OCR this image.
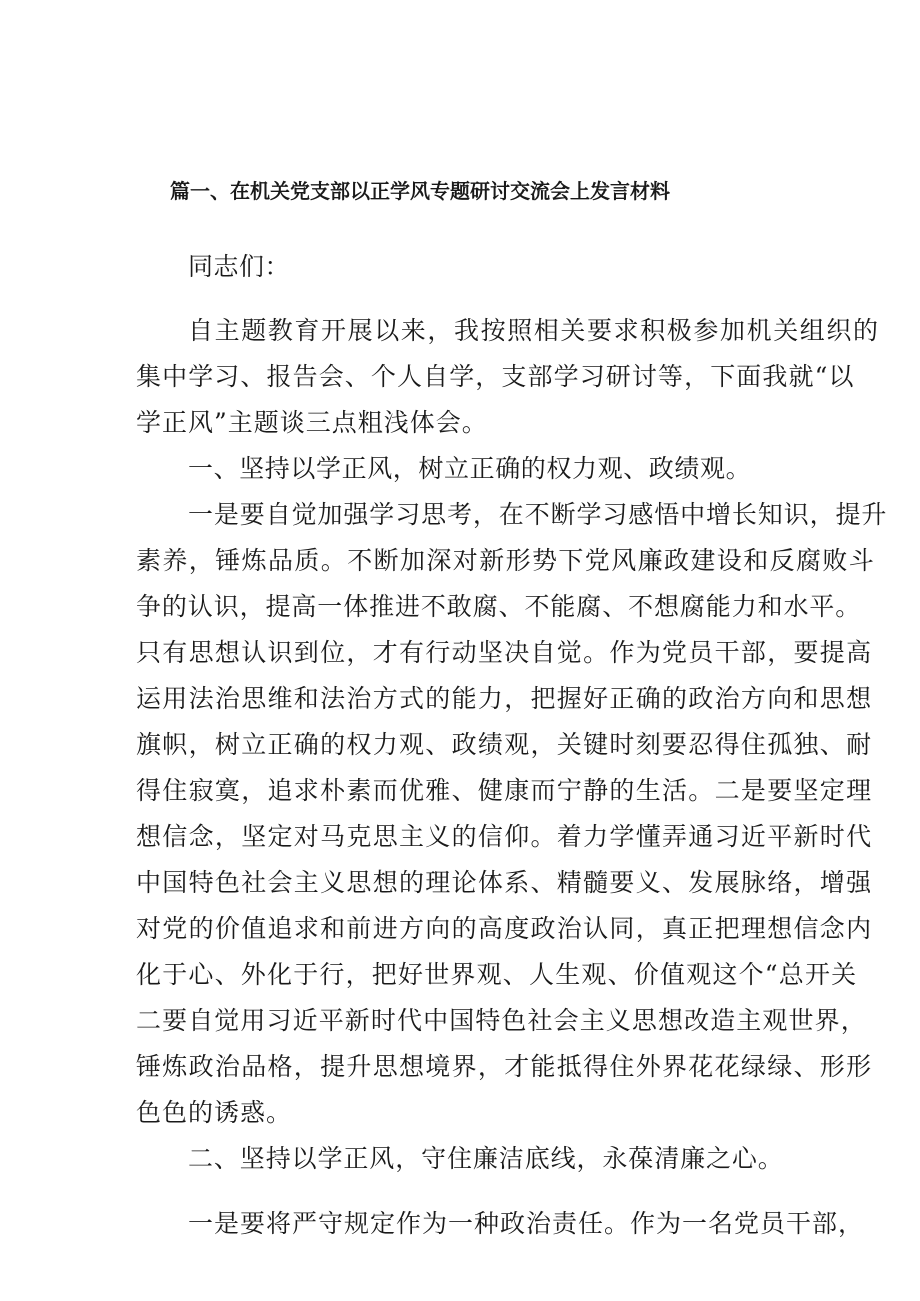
篇一、在机关党支部以正学风专题研讨交流会上发言材料
同志们：
自主题教育开展以来，我按照相关要求积极参加机关组织的
集中学习、报告会、个人自学，支部学习研讨等，下面我就“以
学正风”主题谈三点粗浅体会。
一、坚持以学正风，树立正确的权力观、政绩观。
一是要自觉加强学习思考，在不断学习感悟中增长知识，提升
素养，锤炼品质。不断加深对新形势下党风廉政建设和反腐败斗
争的认识，提高一体推进不敢腐、不能腐、不想腐能力和水平。
只有思想认识到位，才有行动坚决自觉。作为党员干部，要提高
运用法治思维和法治方式的能力，把握好正确的政治方向和思想
旗帜，树立正确的权力观、政绩观，关键时刻要忍得住孤独、耐
得住寂寞，追求朴素而优雅、健康而宁静的生活。二是要坚定理
想信念，坚定对马克思主义的信仰。着力学懂弄通习近平新时代
中国特色社会主义思想的理论体系、精髓要义、发展脉络，增强
对党的价值追求和前进方向的高度政治认同，真正把理想信念内
化于心、外化于行，把好世界观、人生观、价值观这个“总开关
二要自觉用习近平新时代中国特色社会主义思想改造主观世界，
锤炼政治品格，提升思想境界，才能抵得住外界花花绿绿、形形
色色的诱惑。
二、坚持以学正风，守住廉洁底线，永葆清廉之心。
一是要将严守规定作为一种政治责任。作为一名党员干部，
